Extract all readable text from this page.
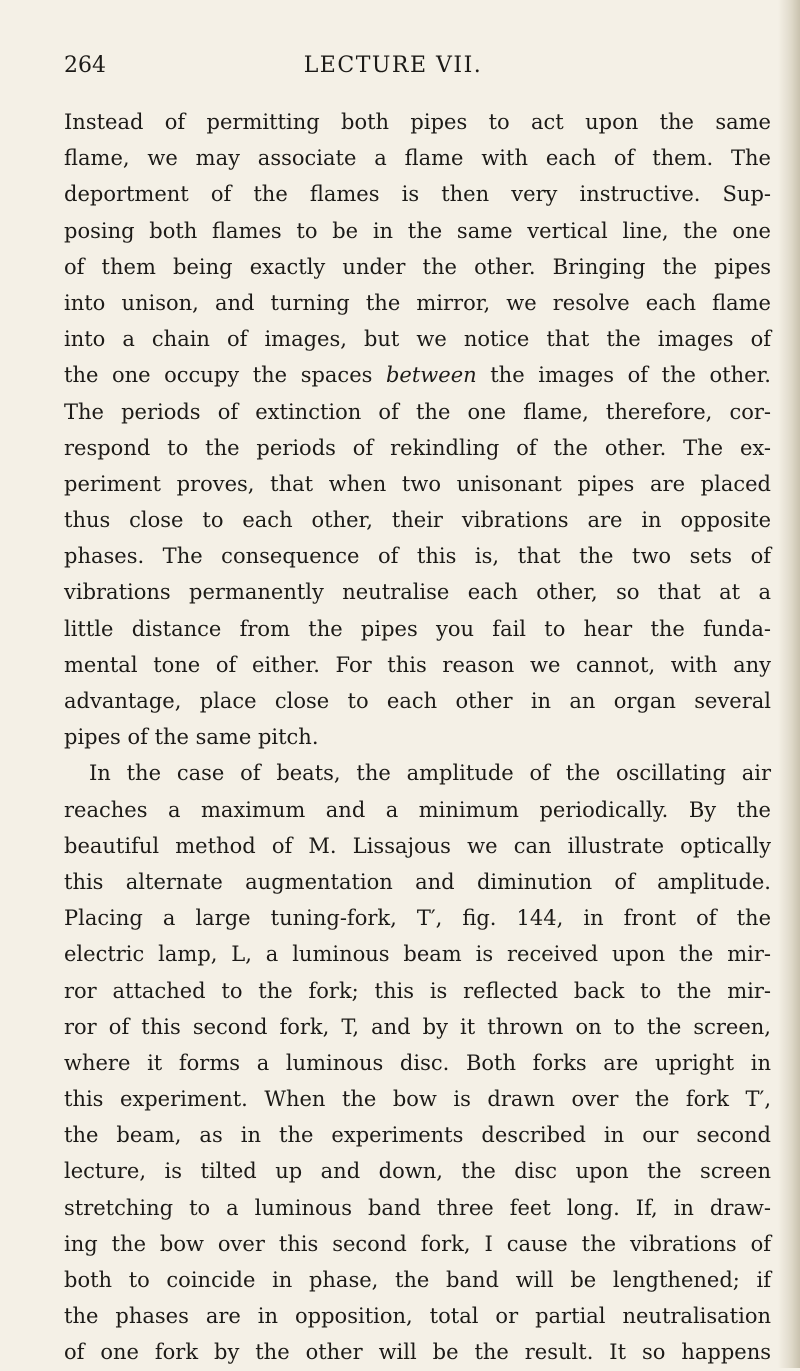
264	LECTURE VII.
Instead of permitting both pipes to act upon the same
flame, we may associate a flame with each of them. The
deportment of the flames is then very instructive. Sup-
posing both flames to be in the same vertical line, the one
of them being exactly under the other. Bringing the pipes
into unison, and turning the mirror, we resolve each flame
into a chain of images, but we notice that the images of
the one occupy the spaces between the images of the other.
The periods of extinction of the one flame, therefore, cor-
respond to the periods of rekindling of the other. The ex-
periment proves, that when two unisonant pipes are placed
thus close to each other, their vibrations are in opposite
phases. The consequence of this is, that the two sets of
vibrations permanently neutralise each other, so that at a
little distance from the pipes you fail to hear the funda-
mental tone of either. For this reason we cannot, with any
advantage, place close to each other in an organ several
pipes of the same pitch.
In the case of beats, the amplitude of the oscillating air
reaches a maximum and a minimum periodically. By the
beautiful method of M. Lissajous we can illustrate optically
this alternate augmentation and diminution of amplitude.
Placing a large tuning-fork, T′, fig. 144, in front of the
electric lamp, L, a luminous beam is received upon the mir-
ror attached to the fork; this is reflected back to the mir-
ror of this second fork, T, and by it thrown on to the screen,
where it forms a luminous disc. Both forks are upright in
this experiment. When the bow is drawn over the fork T′,
the beam, as in the experiments described in our second
lecture, is tilted up and down, the disc upon the screen
stretching to a luminous band three feet long. If, in draw-
ing the bow over this second fork, I cause the vibrations of
both to coincide in phase, the band will be lengthened; if
the phases are in opposition, total or partial neutralisation
of one fork by the other will be the result. It so happens
